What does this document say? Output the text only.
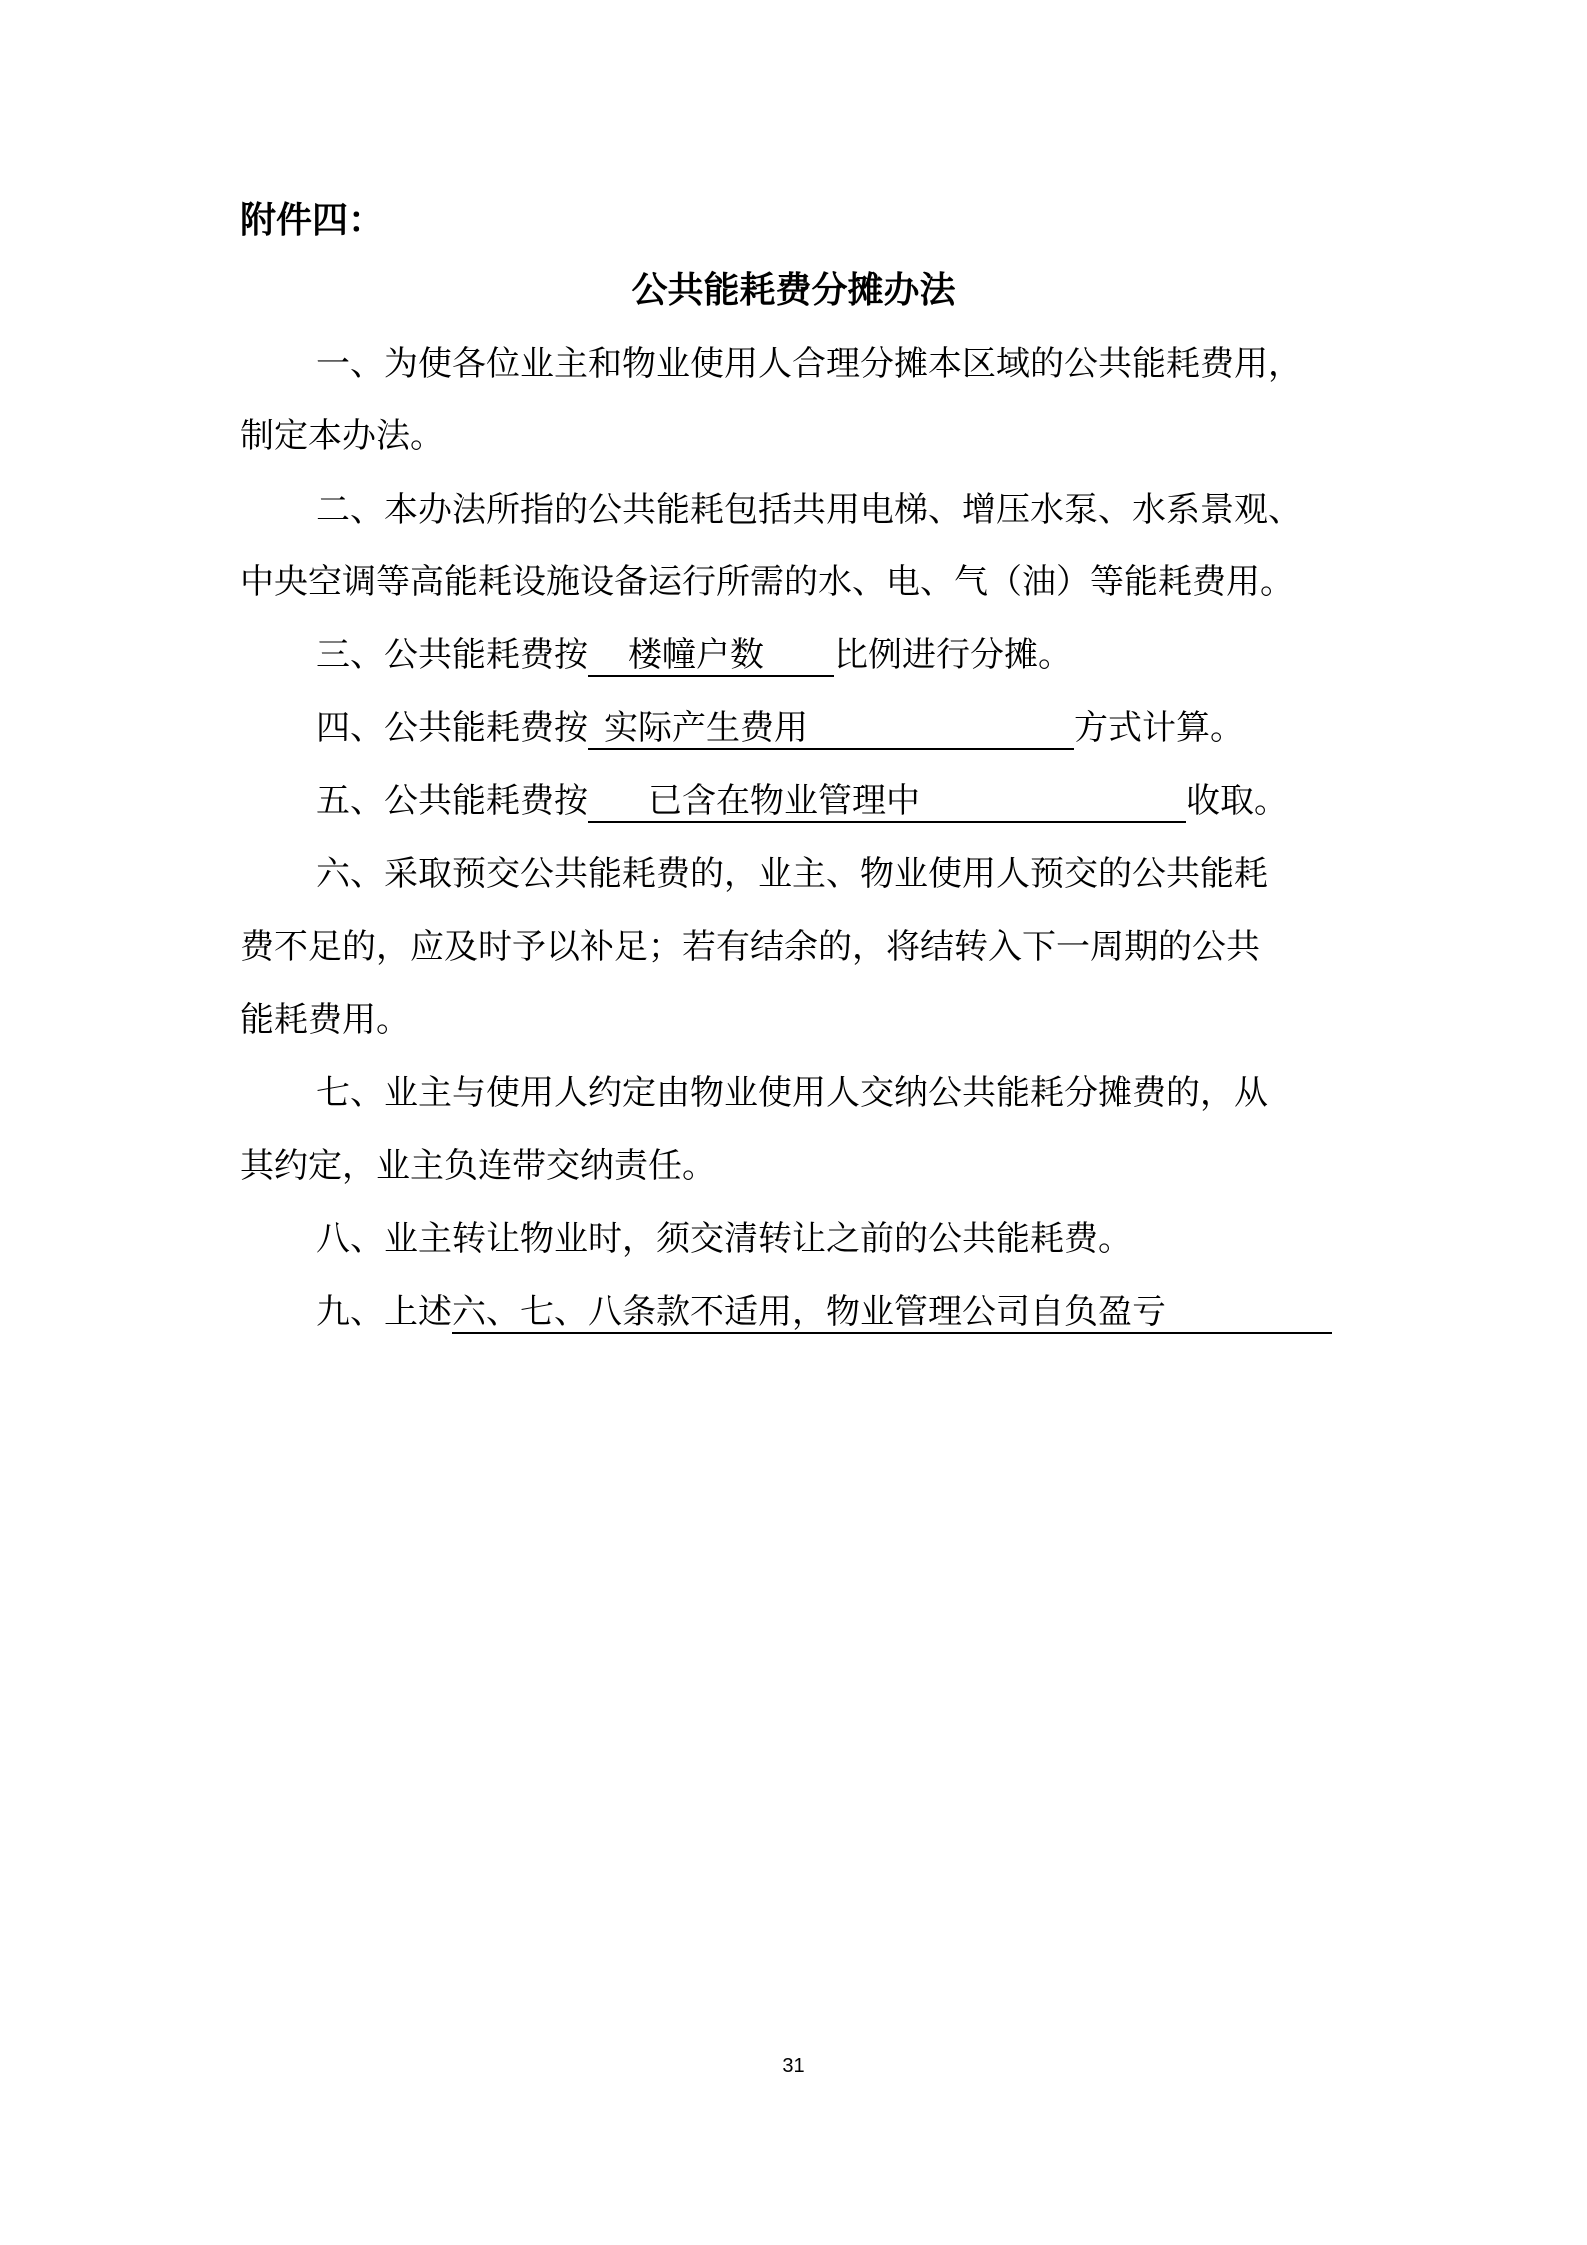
附件四：
公共能耗费分摊办法
一、为使各位业主和物业使用人合理分摊本区域的公共能耗费用，
制定本办法。
二、本办法所指的公共能耗包括共用电梯、增压水泵、水系景观、
中央空调等高能耗设施设备运行所需的水、电、气（油）等能耗费用。
三、公共能耗费按 楼幢户数 比例进行分摊。
四、公共能耗费按 实际产生费用	方式计算。
五、公共能耗费按 已含在物业管理中	收取。
六、采取预交公共能耗费的，业主、物业使用人预交的公共能耗
费不足的，应及时予以补足；若有结余的，将结转入下一周期的公共
能耗费用。
七、业主与使用人约定由物业使用人交纳公共能耗分摊费的，从
其约定，业主负连带交纳责任。
八、业主转让物业时，须交清转让之前的公共能耗费。
九、上述六、七、八条款不适用，物业管理公司自负盈亏
31
